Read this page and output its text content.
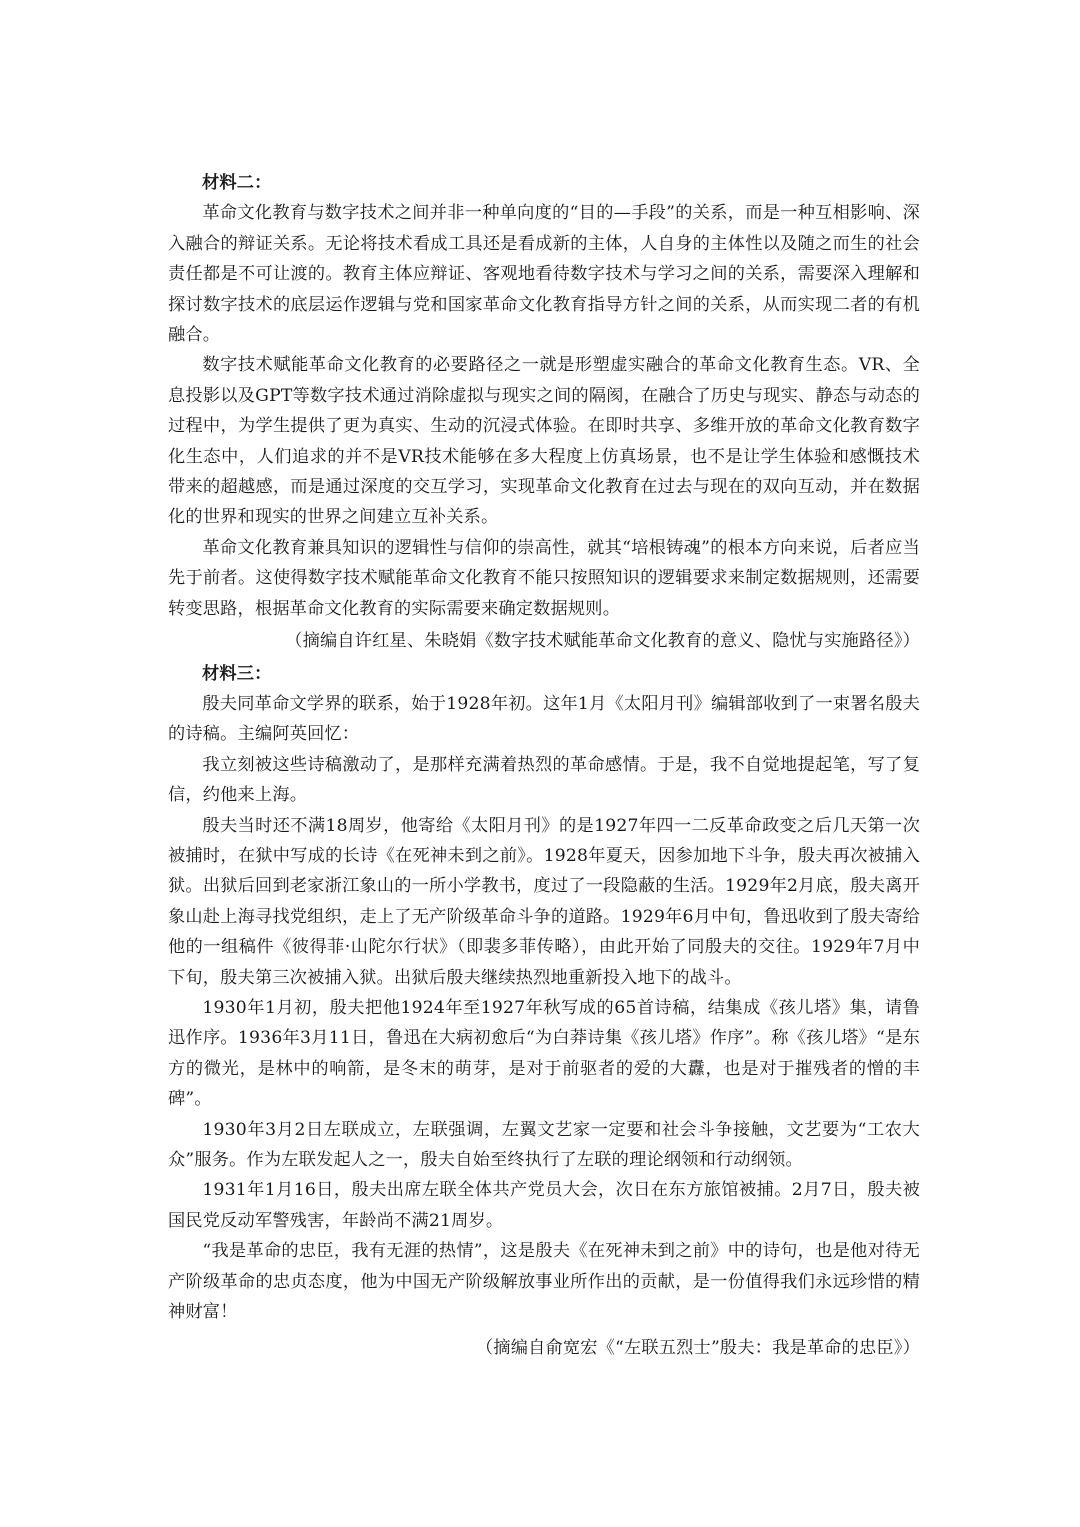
材料二：

革命文化教育与数字技术之间并非一种单向度的“目的—手段”的关系，而是一种互相影响、深入融合的辩证关系。无论将技术看成工具还是看成新的主体，人自身的主体性以及随之而生的社会责任都是不可让渡的。教育主体应辩证、客观地看待数字技术与学习之间的关系，需要深入理解和探讨数字技术的底层运作逻辑与党和国家革命文化教育指导方针之间的关系，从而实现二者的有机融合。

数字技术赋能革命文化教育的必要路径之一就是形塑虚实融合的革命文化教育生态。VR、全息投影以及GPT等数字技术通过消除虚拟与现实之间的隔阂，在融合了历史与现实、静态与动态的过程中，为学生提供了更为真实、生动的沉浸式体验。在即时共享、多维开放的革命文化教育数字化生态中，人们追求的并不是VR技术能够在多大程度上仿真场景，也不是让学生体验和感慨技术带来的超越感，而是通过深度的交互学习，实现革命文化教育在过去与现在的双向互动，并在数据化的世界和现实的世界之间建立互补关系。

革命文化教育兼具知识的逻辑性与信仰的崇高性，就其“培根铸魂”的根本方向来说，后者应当先于前者。这使得数字技术赋能革命文化教育不能只按照知识的逻辑要求来制定数据规则，还需要转变思路，根据革命文化教育的实际需要来确定数据规则。

（摘编自许红星、朱晓娟《数字技术赋能革命文化教育的意义、隐忧与实施路径》）

材料三：

殷夫同革命文学界的联系，始于1928年初。这年1月《太阳月刊》编辑部收到了一束署名殷夫的诗稿。主编阿英回忆：

我立刻被这些诗稿激动了，是那样充满着热烈的革命感情。于是，我不自觉地提起笔，写了复信，约他来上海。

殷夫当时还不满18周岁，他寄给《太阳月刊》的是1927年四一二反革命政变之后几天第一次被捕时，在狱中写成的长诗《在死神未到之前》。1928年夏天，因参加地下斗争，殷夫再次被捕入狱。出狱后回到老家浙江象山的一所小学教书，度过了一段隐蔽的生活。1929年2月底，殷夫离开象山赴上海寻找党组织，走上了无产阶级革命斗争的道路。1929年6月中旬，鲁迅收到了殷夫寄给他的一组稿件《彼得菲·山陀尔行状》（即裴多菲传略），由此开始了同殷夫的交往。1929年7月中下旬，殷夫第三次被捕入狱。出狱后殷夫继续热烈地重新投入地下的战斗。

1930年1月初，殷夫把他1924年至1927年秋写成的65首诗稿，结集成《孩儿塔》集，请鲁迅作序。1936年3月11日，鲁迅在大病初愈后“为白莽诗集《孩儿塔》作序”。称《孩儿塔》“是东方的微光，是林中的响箭，是冬末的萌芽，是对于前驱者的爱的大纛，也是对于摧残者的憎的丰碑”。

1930年3月2日左联成立，左联强调，左翼文艺家一定要和社会斗争接触，文艺要为“工农大众”服务。作为左联发起人之一，殷夫自始至终执行了左联的理论纲领和行动纲领。

1931年1月16日，殷夫出席左联全体共产党员大会，次日在东方旅馆被捕。2月7日，殷夫被国民党反动军警残害，年龄尚不满21周岁。

“我是革命的忠臣，我有无涯的热情”，这是殷夫《在死神未到之前》中的诗句，也是他对待无产阶级革命的忠贞态度，他为中国无产阶级解放事业所作出的贡献，是一份值得我们永远珍惜的精神财富！

（摘编自俞宽宏《“左联五烈士”殷夫：我是革命的忠臣》）
